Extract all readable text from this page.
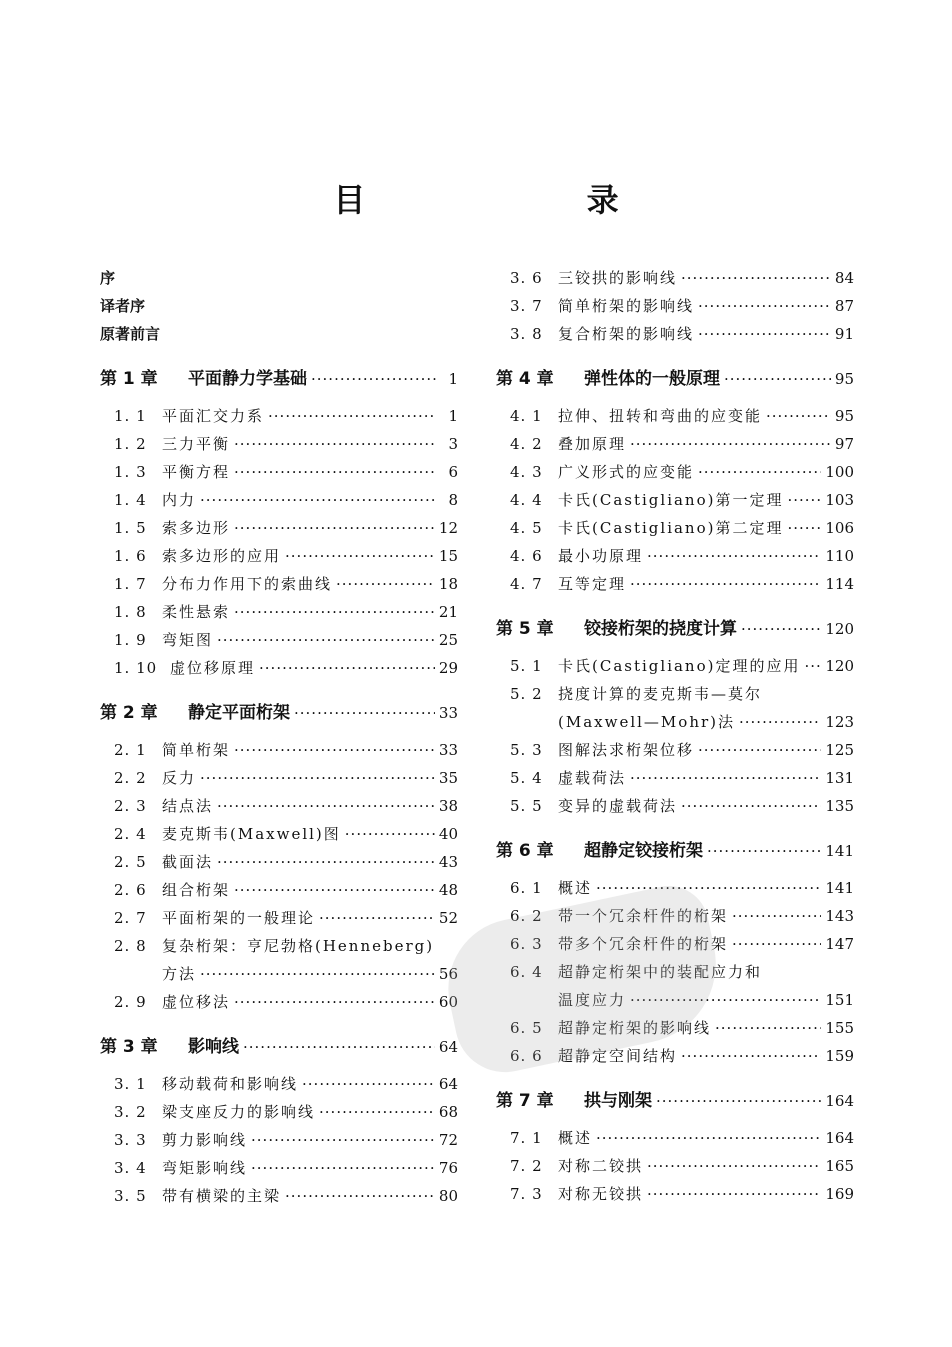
目 录
序
译者序
原著前言
第 1 章	平面静力学基础 ·····	1
1. 1	平面汇交力系 ·····	1
1. 2	三力平衡 ·····	3
1. 3	平衡方程 ·····	6
1. 4	内力 ·····	8
1. 5	索多边形 ·····	12
1. 6	索多边形的应用 ·····	15
1. 7	分布力作用下的索曲线 ·····	18
1. 8	柔性悬索 ·····	21
1. 9	弯矩图 ·····	25
1. 10 虚位移原理 ·····	29
第 2 章	静定平面桁架 ·····	33
2. 1	简单桁架 ·····	33
2. 2	反力 ·····	35
2. 3	结点法 ·····	38
2. 4	麦克斯韦(Maxwell)图 ·····	40
2. 5	截面法 ·····	43
2. 6	组合桁架 ·····	48
2. 7	平面桁架的一般理论 ·····	52
2. 8	复杂桁架：亨尼勃格(Henneberg)
方法 ·····	56
2. 9	虚位移法 ·····	60
第 3 章	影响线 ·····	64
3. 1	移动载荷和影响线 ·····	64
3. 2	梁支座反力的影响线 ·····	68
3. 3	剪力影响线 ·····	72
3. 4	弯矩影响线 ·····	76
3. 5	带有横梁的主梁 ·····	80
3. 6	三铰拱的影响线 ·····	84
3. 7	简单桁架的影响线 ·····	87
3. 8	复合桁架的影响线 ·····	91
第 4 章	弹性体的一般原理 ·····	95
4. 1	拉伸、扭转和弯曲的应变能 ·····	95
4. 2	叠加原理 ·····	97
4. 3	广义形式的应变能 ·····	100
4. 4	卡氏(Castigliano)第一定理 ·····	103
4. 5	卡氏(Castigliano)第二定理 ·····	106
4. 6	最小功原理 ·····	110
4. 7	互等定理 ·····	114
第 5 章	铰接桁架的挠度计算 ·····	120
5. 1	卡氏(Castigliano)定理的应用 ····· 120
5. 2	挠度计算的麦克斯韦—莫尔
(Maxwell—Mohr)法 ·····	123
5. 3	图解法求桁架位移 ·····	125
5. 4	虚载荷法 ·····	131
5. 5	变异的虚载荷法 ·····	135
第 6 章	超静定铰接桁架 ·····	141
6. 1	概述 ·····	141
6. 2	带一个冗余杆件的桁架 ·····	143
6. 3	带多个冗余杆件的桁架 ·····	147
6. 4	超静定桁架中的装配应力和
温度应力 ·····	151
6. 5	超静定桁架的影响线 ·····	155
6. 6	超静定空间结构 ·····	159
第 7 章	拱与刚架 ·····	164
7. 1	概述 ·····	164
7. 2	对称二铰拱 ·····	165
7. 3	对称无铰拱 ·····	169
